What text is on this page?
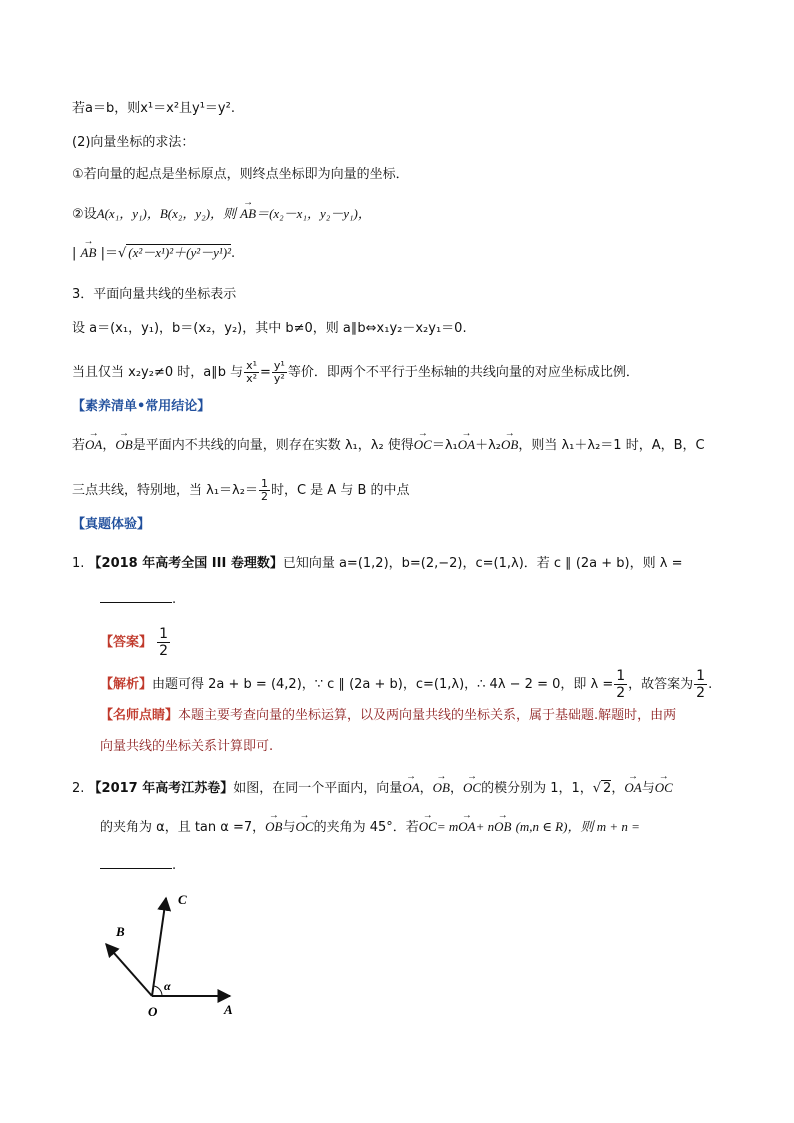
若a＝b，则x¹＝x²且y¹＝y².
(2)向量坐标的求法：
①若向量的起点是坐标原点，则终点坐标即为向量的坐标．
②设A(x₁，y₁)，B(x₂，y₂)，则 → AB＝(x₂－x₁，y₂－y₁)，
| → AB |＝√ (x²－x¹)²＋(y²－y¹)².
3．平面向量共线的坐标表示
设 a＝(x₁，y₁)，b＝(x₂，y₂)，其中 b≠0，则 a∥b⇔x₁y₂－x₂y₁＝0.
当且仅当 x₂y₂≠0 时，a∥b 与 $\frac{\text{x¹}}{\text{x²}} = \frac{\text{y¹}}{\text{y²}}$ 等价．即两个不平行于坐标轴的共线向量的对应坐标成比例．
【素养清单•常用结论】
若→ OA，→ OB是平面内不共线的向量，则存在实数 λ₁，λ₂ 使得→ OC＝λ₁→ OA＋λ₂→ OB，则当 λ₁＋λ₂＝1 时，A，B，C
三点共线，特别地，当 $\lambda_1=\lambda_2= \frac{1}{2}$ 时，C 是 A 与 B 的中点
【真题体验】
1. 【2018 年高考全国 III 卷理数】已知向量 a=(1,2)，b=(2,−2)，c=(1,λ)．若 c ∥ (2a + b)，则 λ =
.
【答案】 $\frac{1}{2}$
【解析】由题可得 2a + b = (4,2)，∵ c ∥ (2a + b)，c=(1,λ)，∴ 4λ − 2 = 0，即 $\lambda = \frac{1}{2}$ ，故答案为 $\frac{1}{2}$ .
【名师点睛】本题主要考查向量的坐标运算，以及两向量共线的坐标关系，属于基础题.解题时，由两
向量共线的坐标关系计算即可.
2. 【2017 年高考江苏卷】如图，在同一个平面内，向量→ OA，→ OB，→ OC的模分别为 1，1，√ 2，→ OA与→ OC
的夹角为 α，且 tan α =7，→ OB与→ OC的夹角为 45°．若→ OC= m→ OA+ n→ OB (m,n ∈ R)，则 m + n =
.
O	A
B
C
α
